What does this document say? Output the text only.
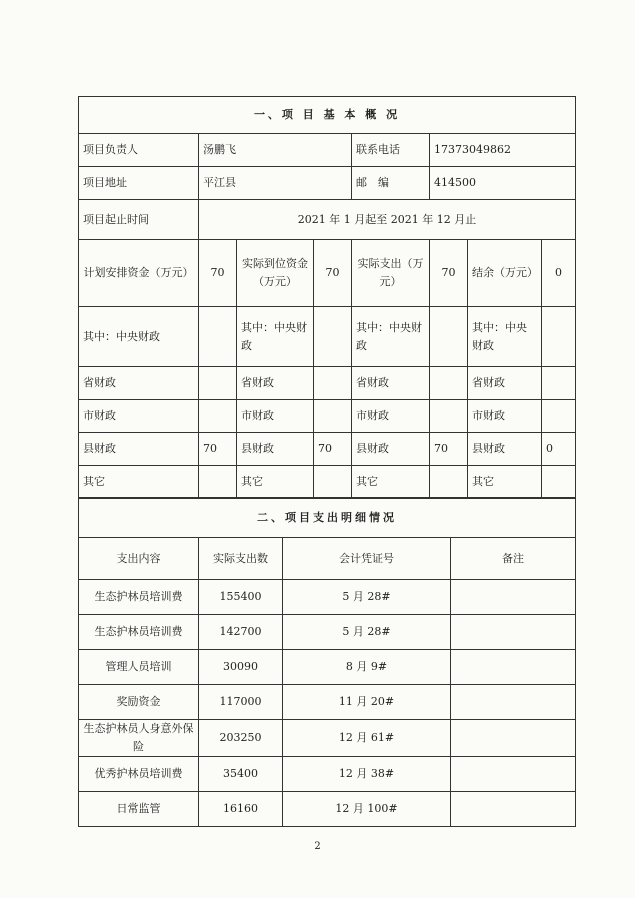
一、项 目 基 本 概 况							
项目负责人	汤鹏飞			联系电话	17373049862		
项目地址	平江县			邮　编	414500		
项目起止时间	2021 年 1 月起至 2021 年 12 月止						
计划安排资金（万元）	70	实际到位资金（万元）	70	实际支出（万元）	70	结余（万元）	0
其中：中央财政		其中：中央财政		其中：中央财政		其中：中央财政	
省财政		省财政		省财政		省财政	
市财政		市财政		市财政		市财政	
县财政	70	县财政	70	县财政	70	县财政	0
其它		其它		其它		其它	
二、项目支出明细情况			
支出内容	实际支出数	会计凭证号	备注
生态护林员培训费	155400	5 月 28#	
生态护林员培训费	142700	5 月 28#	
管理人员培训	30090	8 月 9#	
奖励资金	117000	11 月 20#	
生态护林员人身意外保险	203250	12 月 61#	
优秀护林员培训费	35400	12 月 38#	
日常监管	16160	12 月 100#	
2
